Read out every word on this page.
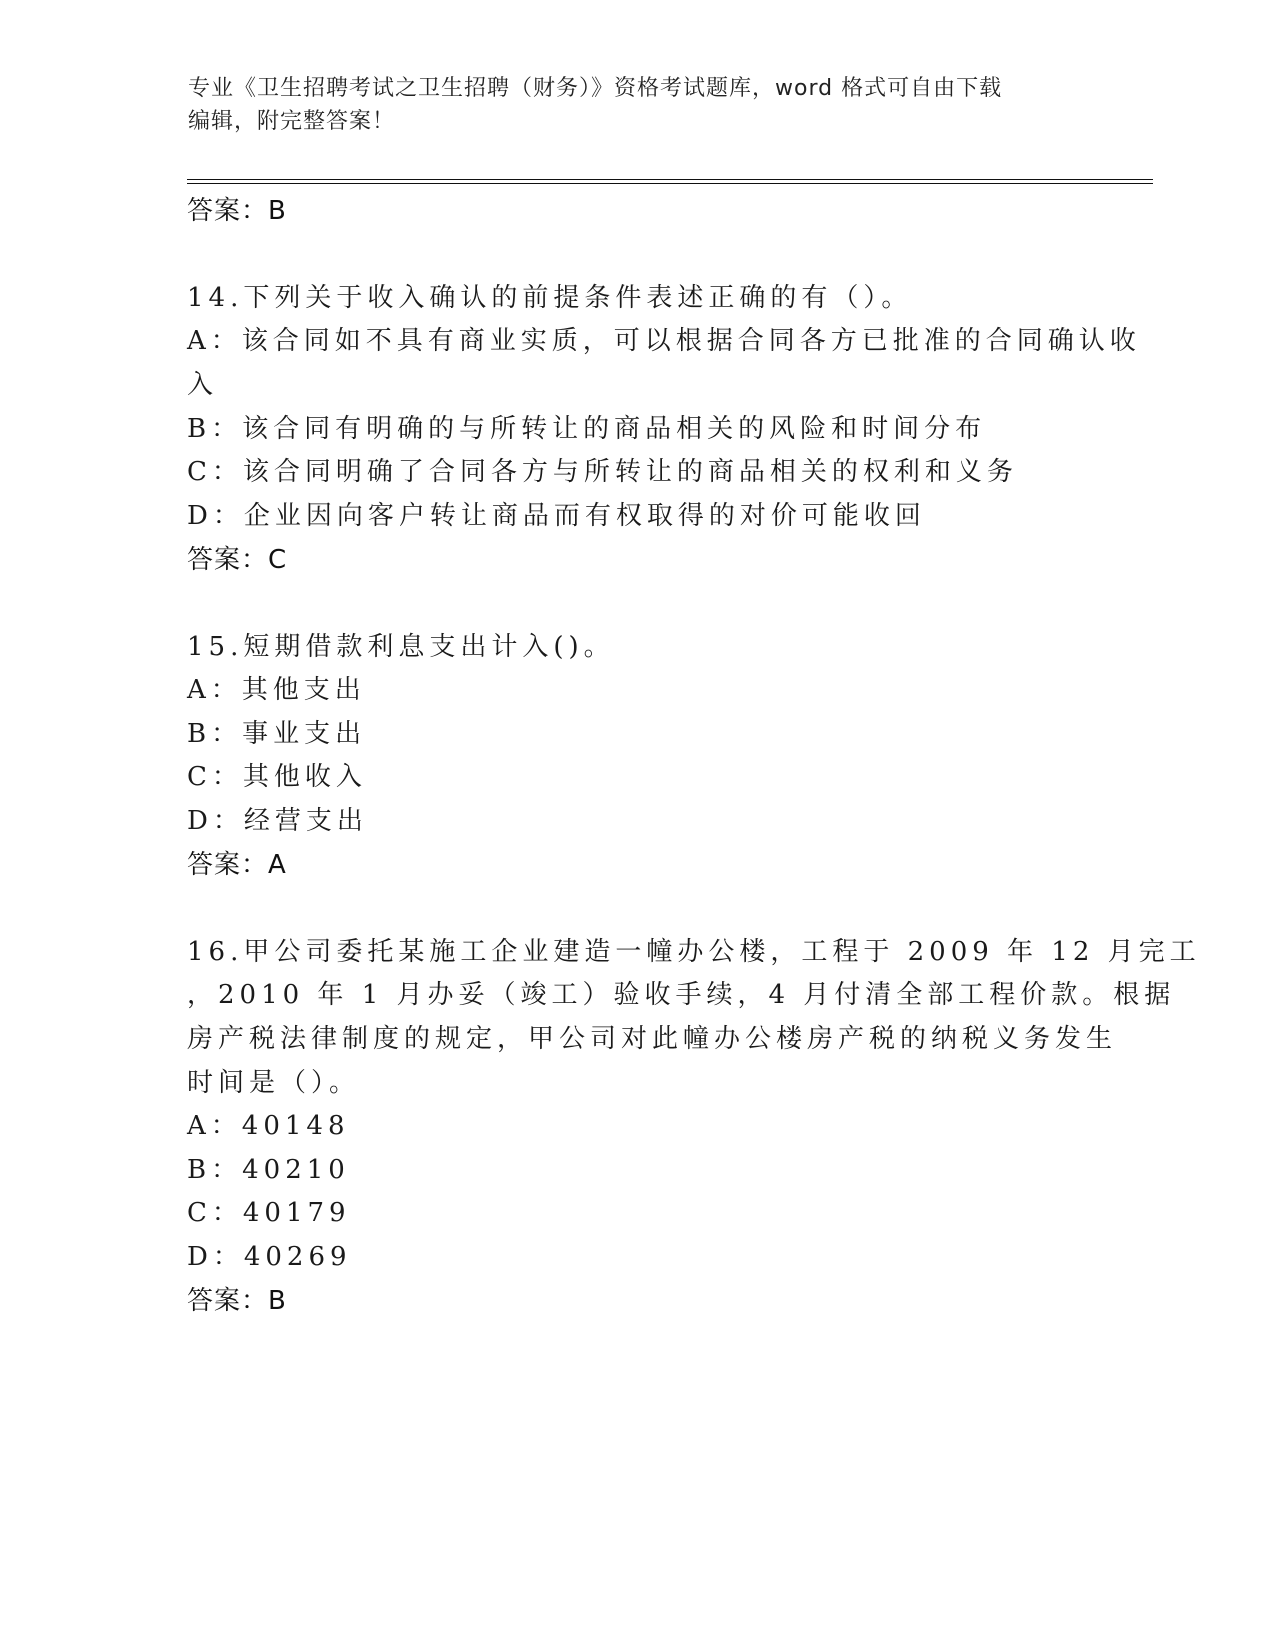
专业《卫生招聘考试之卫生招聘（财务）》资格考试题库，word 格式可自由下载
编辑，附完整答案！
答案：B
14.下列关于收入确认的前提条件表述正确的有（）。
A：该合同如不具有商业实质，可以根据合同各方已批准的合同确认收
入
B：该合同有明确的与所转让的商品相关的风险和时间分布
C：该合同明确了合同各方与所转让的商品相关的权利和义务
D：企业因向客户转让商品而有权取得的对价可能收回
答案：C
15.短期借款利息支出计入()。
A：其他支出
B：事业支出
C：其他收入
D：经营支出
答案：A
16.甲公司委托某施工企业建造一幢办公楼，工程于 2009 年 12 月完工
，2010 年 1 月办妥（竣工）验收手续，4 月付清全部工程价款。根据
房产税法律制度的规定，甲公司对此幢办公楼房产税的纳税义务发生
时间是（）。
A：40148
B：40210
C：40179
D：40269
答案：B
